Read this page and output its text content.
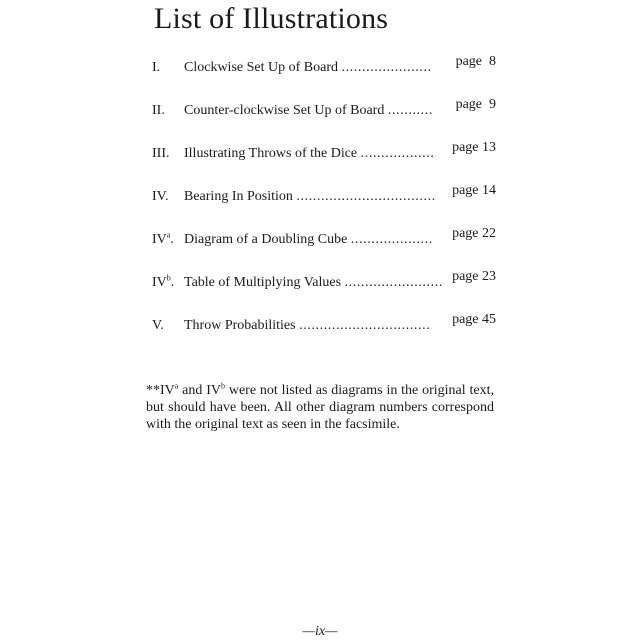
List of Illustrations
I. Clockwise Set Up of Board ...................... page  8
II. Counter-clockwise Set Up of Board ........... page  9
III. Illustrating Throws of the Dice .................. page 13
IV. Bearing In Position .................................. page 14
$IV^a$. Diagram of a Doubling Cube .................... page 22
$IV^b$. Table of Multiplying Values ........................ page 23
V. Throw Probabilities ................................ page 45

$**IV^a$ and $IV^b$ were not listed as diagrams in the original text, but should have been. All other diagram numbers correspond with the original text as seen in the facsimile.

—ix—
